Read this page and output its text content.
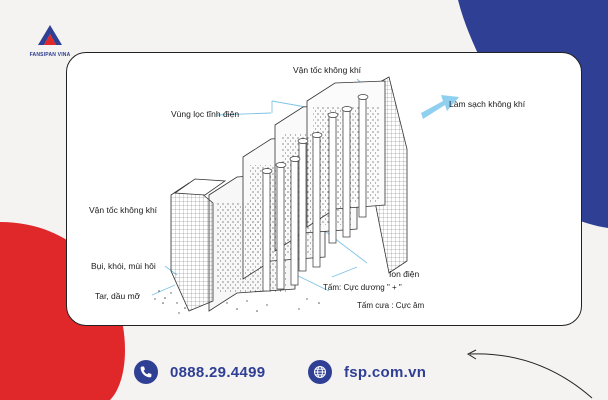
FANSIPAN VINA
Vận tốc không khí
Làm sạch không khí
Vùng lọc tĩnh điện
Vận tốc không khí
Bụi, khói, mùi hôi
Tar, dầu mỡ
Ion điện
Tấm: Cực dương " + "
Tấm cưa : Cực âm
0888.29.4499	fsp.com.vn
